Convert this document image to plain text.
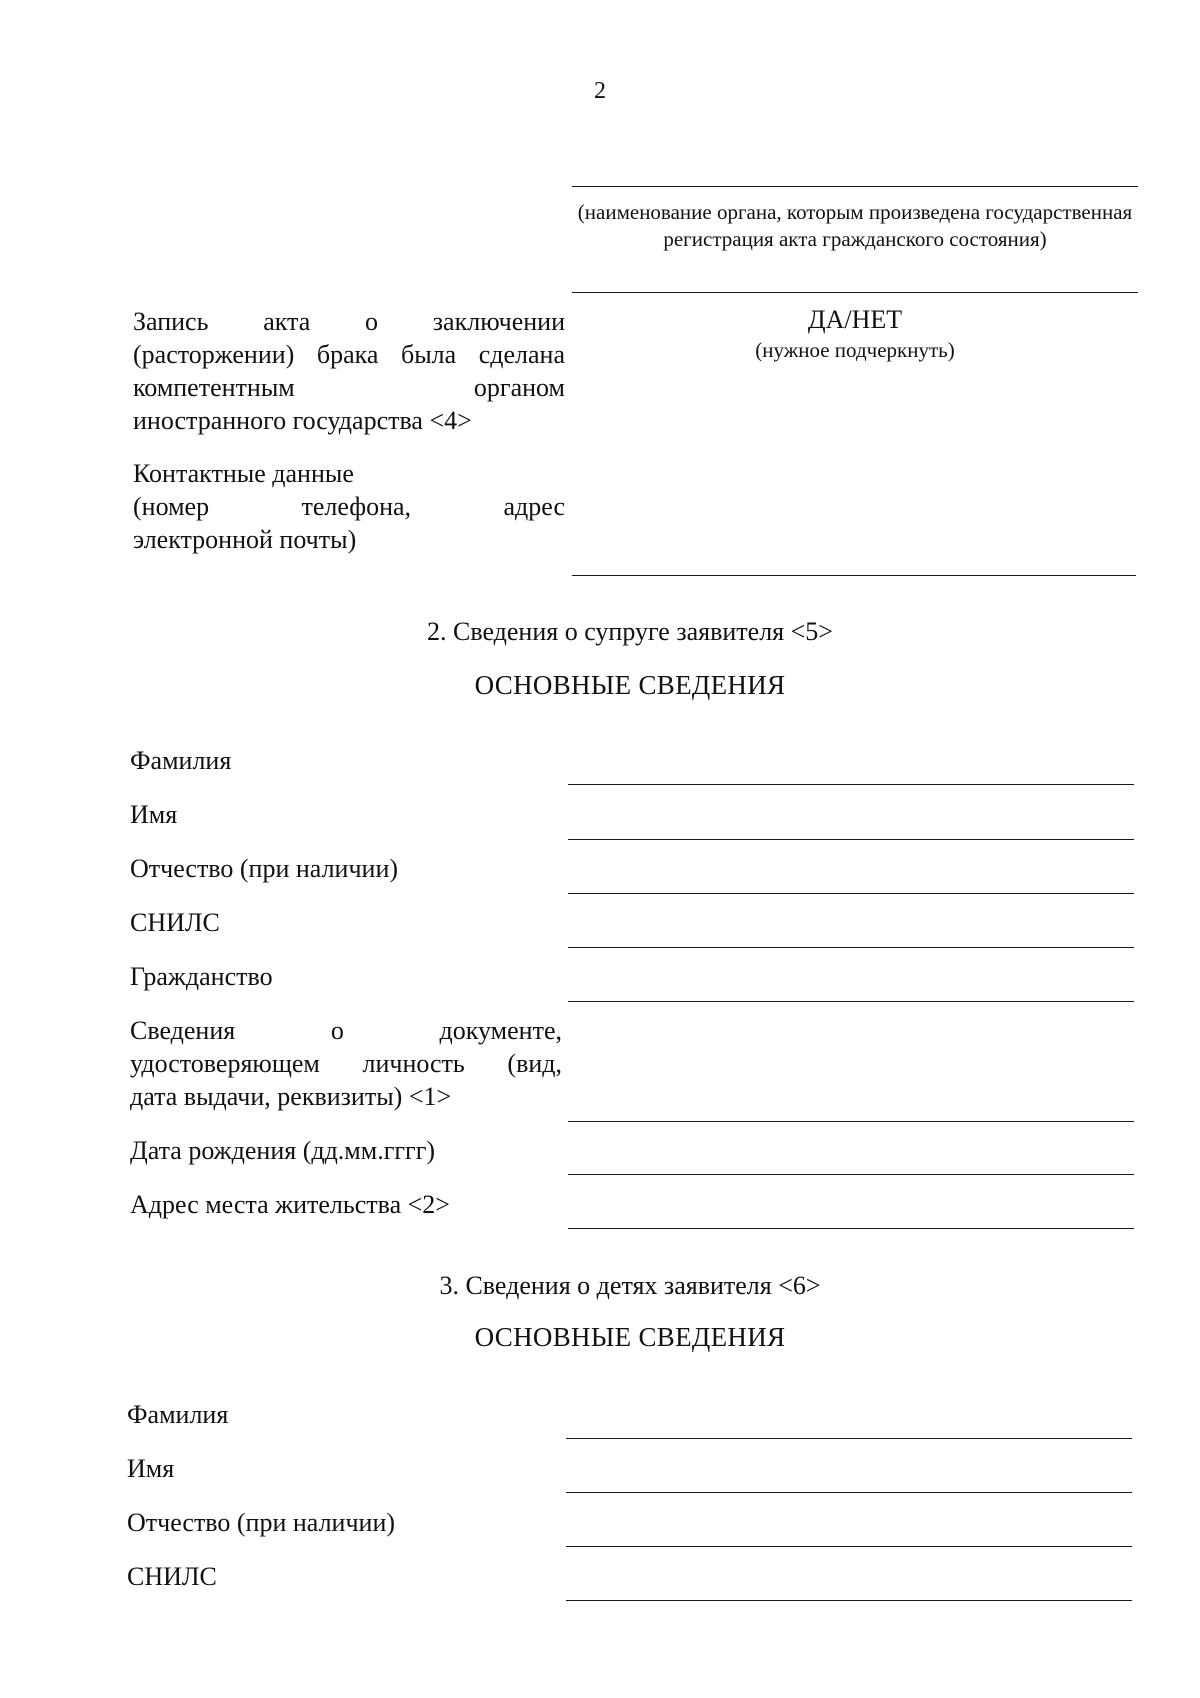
2
(наименование органа, которым произведена государственная регистрация акта гражданского состояния)
Запись акта о заключении
(расторжении) брака была сделана
компетентным органом
иностранного государства <4>
ДА/НЕТ
(нужное подчеркнуть)
Контактные данные
(номер телефона, адрес
электронной почты)
2. Сведения о супруге заявителя <5>
ОСНОВНЫЕ СВЕДЕНИЯ
Фамилия
Имя
Отчество (при наличии)
СНИЛС
Гражданство
Сведения о документе,
удостоверяющем личность (вид,
дата выдачи, реквизиты) <1>
Дата рождения (дд.мм.гггг)
Адрес места жительства <2>
3. Сведения о детях заявителя <6>
ОСНОВНЫЕ СВЕДЕНИЯ
Фамилия
Имя
Отчество (при наличии)
СНИЛС
